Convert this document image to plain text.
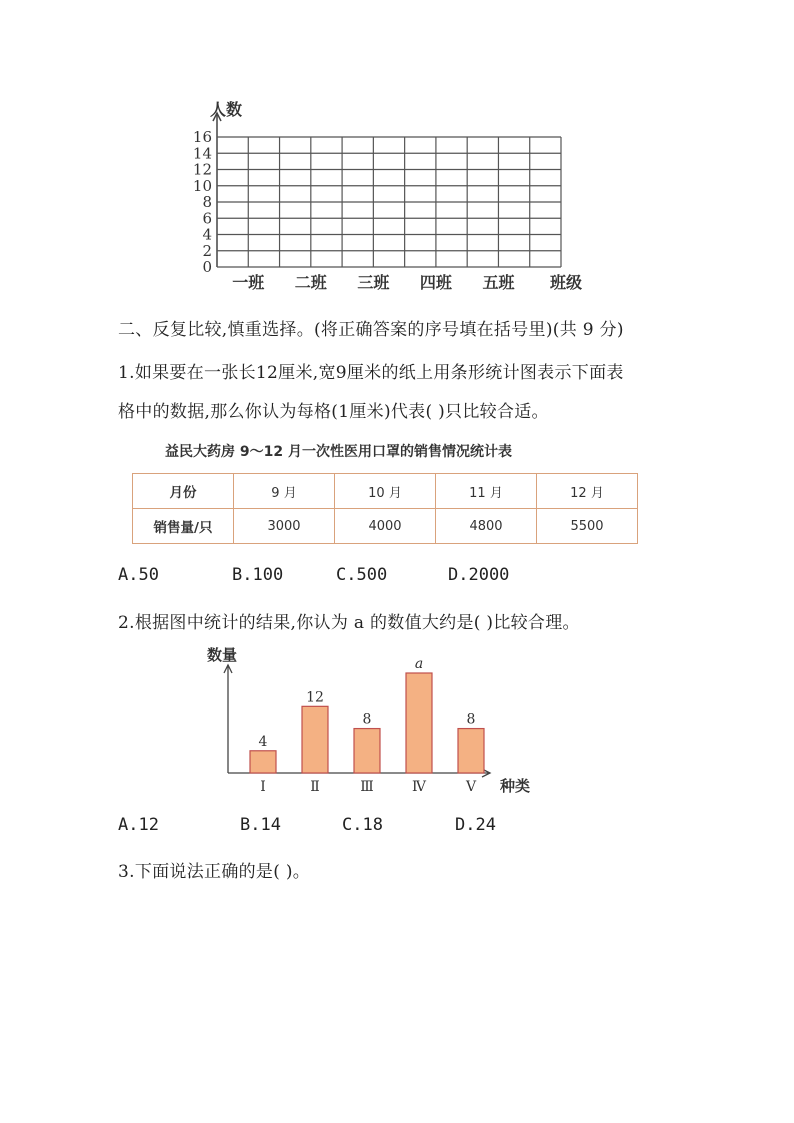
人数
0
2
4
6
8
10
12
14
16
一班 二班 三班 四班 五班 班级
二、反复比较,慎重选择。(将正确答案的序号填在括号里)(共 9 分)
1.如果要在一张长12厘米,宽9厘米的纸上用条形统计图表示下面表
格中的数据,那么你认为每格(1厘米)代表( )只比较合适。
益民大药房 9～12 月一次性医用口罩的销售情况统计表
月份	9 月	10 月	11 月	12 月
销售量/只	3000	4000	4800	5500
A.50	B.100	C.500	D.2000
2.根据图中统计的结果,你认为 a 的数值大约是( )比较合理。
数量
种类
4
Ⅰ
12
Ⅱ
8
Ⅲ
a
Ⅳ
8
Ⅴ
A.12	B.14	C.18	D.24
3.下面说法正确的是( )。
